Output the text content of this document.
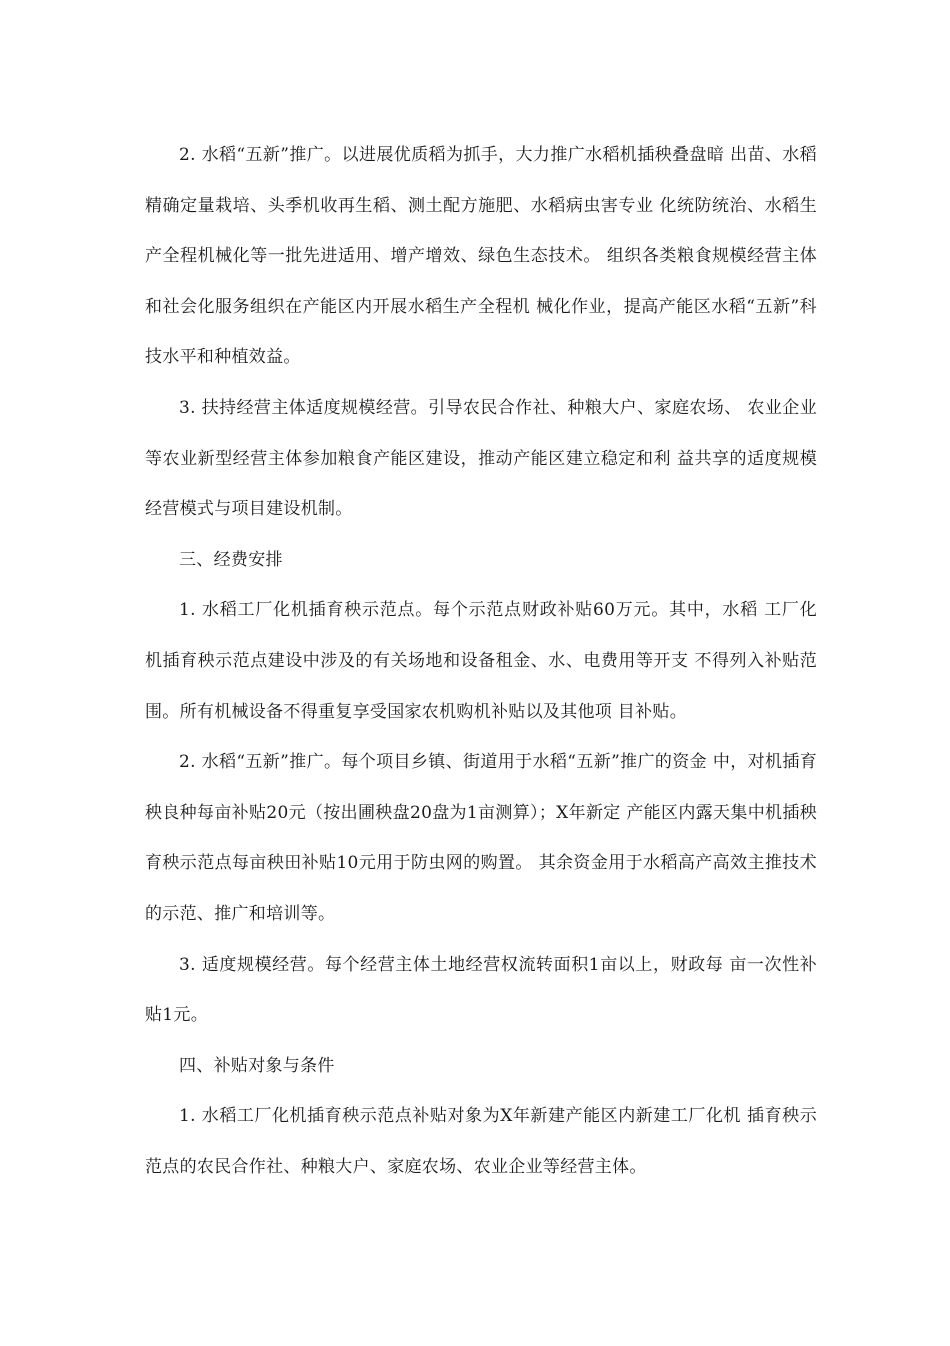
2. 水稻“五新”推广。以进展优质稻为抓手，大力推广水稻机插秧叠盘暗 出苗、水稻精确定量栽培、头季机收再生稻、测土配方施肥、水稻病虫害专业 化统防统治、水稻生产全程机械化等一批先进适用、增产增效、绿色生态技术。 组织各类粮食规模经营主体和社会化服务组织在产能区内开展水稻生产全程机 械化作业，提高产能区水稻“五新”科技水平和种植效益。

3. 扶持经营主体适度规模经营。引导农民合作社、种粮大户、家庭农场、 农业企业等农业新型经营主体参加粮食产能区建设，推动产能区建立稳定和利 益共享的适度规模经营模式与项目建设机制。

三、经费安排

1. 水稻工厂化机插育秧示范点。每个示范点财政补贴60万元。其中，水稻 工厂化机插育秧示范点建设中涉及的有关场地和设备租金、水、电费用等开支 不得列入补贴范围。所有机械设备不得重复享受国家农机购机补贴以及其他项 目补贴。

2. 水稻“五新”推广。每个项目乡镇、街道用于水稻“五新”推广的资金 中，对机插育秧良种每亩补贴20元（按出圃秧盘20盘为1亩测算）；X年新定 产能区内露天集中机插秧育秧示范点每亩秧田补贴10元用于防虫网的购置。 其余资金用于水稻高产高效主推技术的示范、推广和培训等。

3. 适度规模经营。每个经营主体土地经营权流转面积1亩以上，财政每 亩一次性补贴1元。

四、补贴对象与条件

1. 水稻工厂化机插育秧示范点补贴对象为X年新建产能区内新建工厂化机 插育秧示范点的农民合作社、种粮大户、家庭农场、农业企业等经营主体。
